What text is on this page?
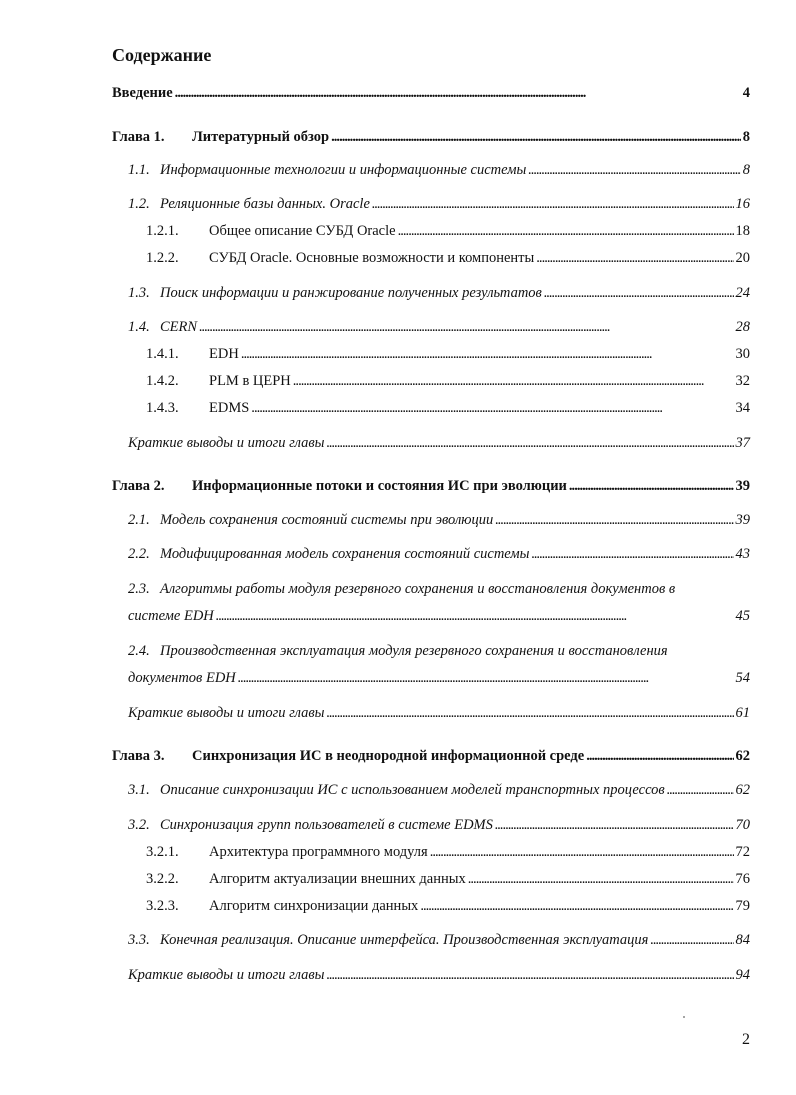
Содержание
Введение . . .	4
Глава 1.	Литературный обзор . . .	8
1.1. Информационные технологии и информационные системы . . .	8
1.2. Реляционные базы данных. Oracle . . .	16
1.2.1.	Общее описание СУБД Oracle . . .	18
1.2.2.	СУБД Oracle. Основные возможности и компоненты . . .	20
1.3. Поиск информации и ранжирование полученных результатов . . .	24
1.4. CERN . . .	28
1.4.1.	EDH . . .	30
1.4.2.	PLM в ЦЕРН . . .	32
1.4.3.	EDMS . . .	34
Краткие выводы и итоги главы . . .	37
Глава 2.	Информационные потоки и состояния ИС при эволюции . . .	39
2.1. Модель сохранения состояний системы при эволюции . . .	39
2.2. Модифицированная модель сохранения состояний системы . . .	43
2.3. Алгоритмы работы модуля резервного сохранения и восстановления документов в
системе EDH . . .	45
2.4. Производственная эксплуатация модуля резервного сохранения и восстановления
документов EDH . . .	54
Краткие выводы и итоги главы . . .	61
Глава 3.	Синхронизация ИС в неоднородной информационной среде . . .	62
3.1. Описание синхронизации ИС с использованием моделей транспортных процессов . . .	62
3.2. Синхронизация групп пользователей в системе EDMS . . .	70
3.2.1.	Архитектура программного модуля . . .	72
3.2.2.	Алгоритм актуализации внешних данных . . .	76
3.2.3.	Алгоритм синхронизации данных . . .	79
3.3. Конечная реализация. Описание интерфейса. Производственная эксплуатация . . .	84
Краткие выводы и итоги главы . . .	94
2
